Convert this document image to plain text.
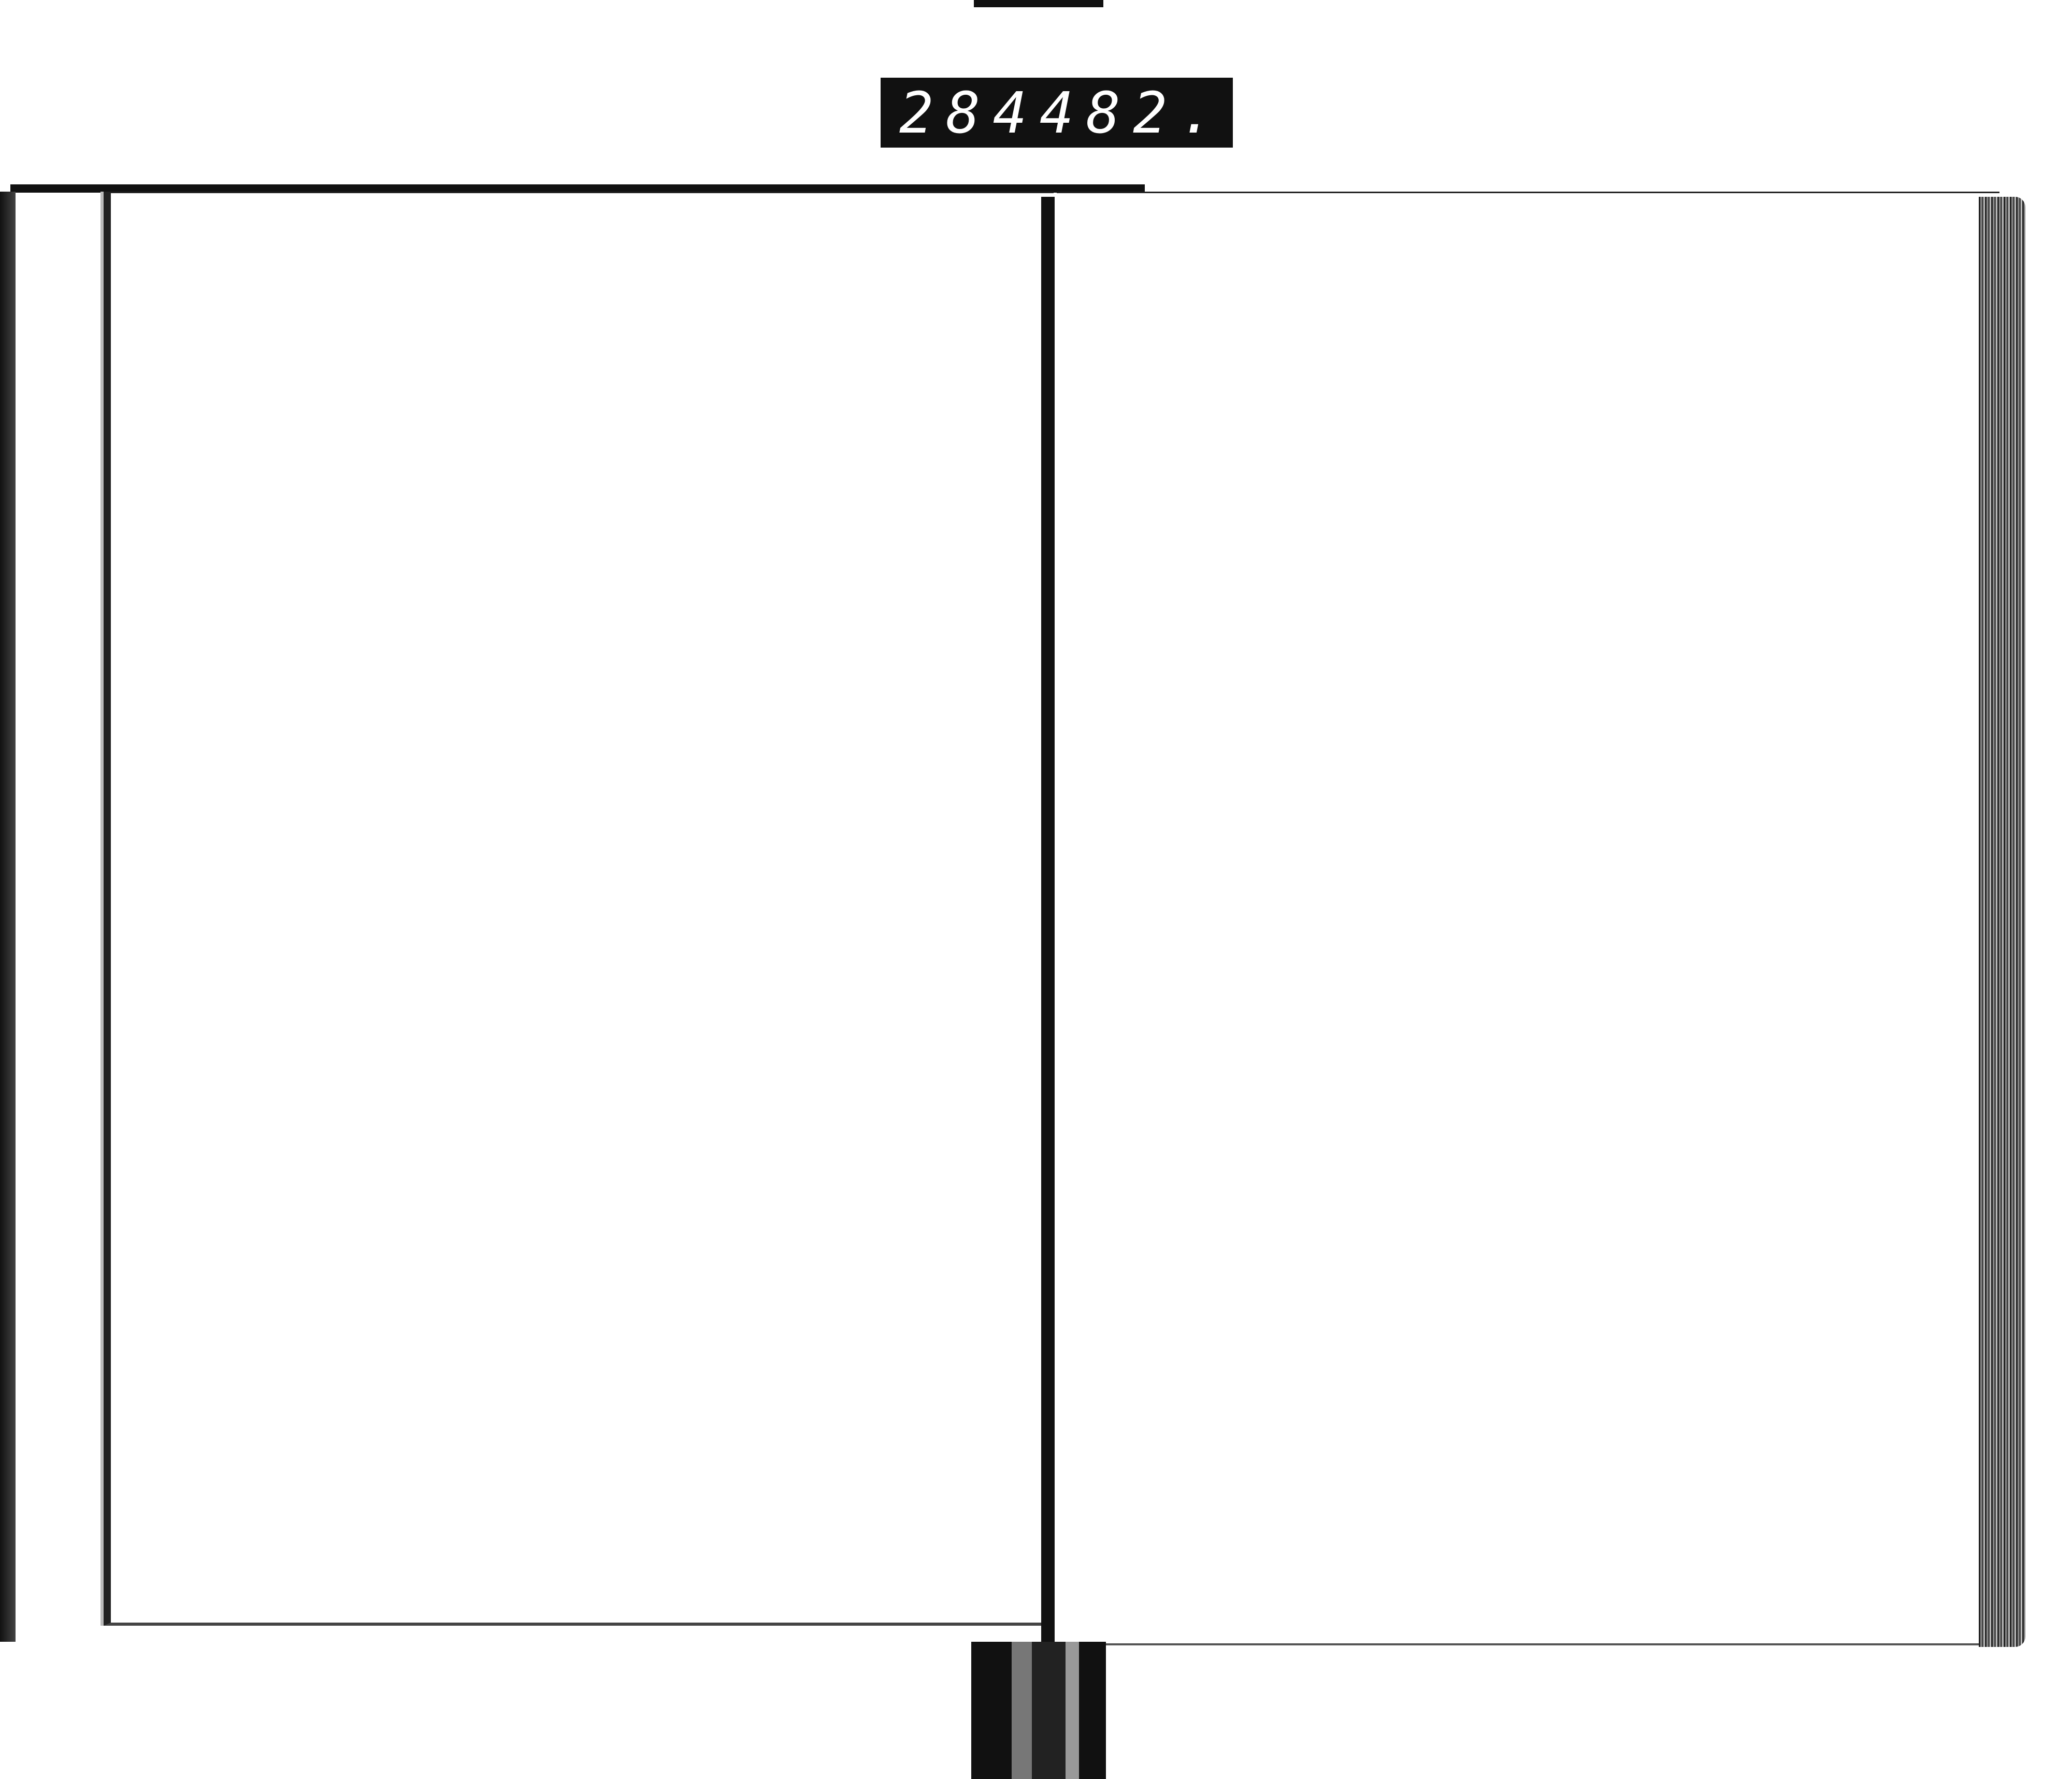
284 482.
